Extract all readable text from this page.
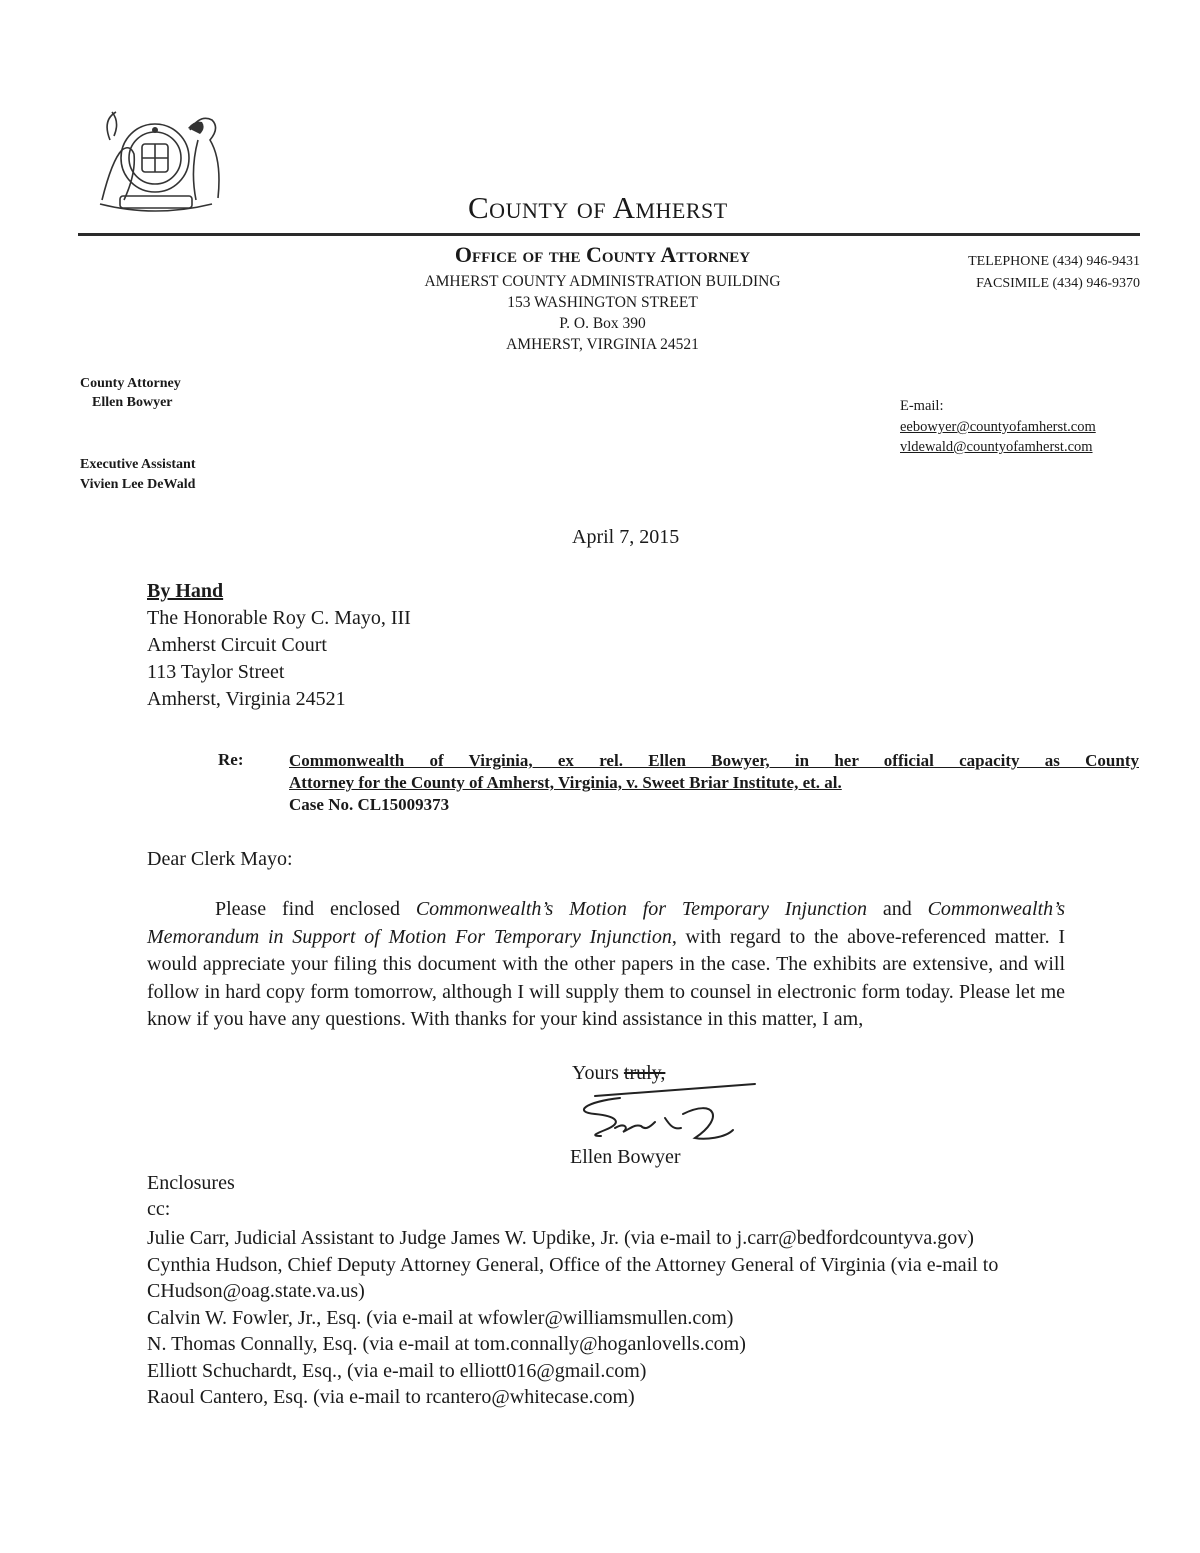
County of Amherst
Office of the County Attorney
AMHERST COUNTY ADMINISTRATION BUILDING
153 WASHINGTON STREET
P. O. Box 390
AMHERST, VIRGINIA 24521
TELEPHONE (434) 946-9431
FACSIMILE (434) 946-9370
County Attorney
Ellen Bowyer
Executive Assistant
Vivien Lee DeWald
E-mail:
eebowyer@countyofamherst.com
vldewald@countyofamherst.com
April 7, 2015
By Hand
The Honorable Roy C. Mayo, III
Amherst Circuit Court
113 Taylor Street
Amherst, Virginia 24521
Re:	Commonwealth of Virginia, ex rel. Ellen Bowyer, in her official capacity as County
Attorney for the County of Amherst, Virginia, v. Sweet Briar Institute, et. al.
Case No. CL15009373
Dear Clerk Mayo:
Please find enclosed Commonwealth’s Motion for Temporary Injunction and Commonwealth’s Memorandum in Support of Motion For Temporary Injunction, with regard to the above-referenced matter. I would appreciate your filing this document with the other papers in the case. The exhibits are extensive, and will follow in hard copy form tomorrow, although I will supply them to counsel in electronic form today. Please let me know if you have any questions. With thanks for your kind assistance in this matter, I am,
Yours truly,
Ellen Bowyer
Enclosures
cc:
Julie Carr, Judicial Assistant to Judge James W. Updike, Jr. (via e-mail to j.carr@bedfordcountyva.gov)
Cynthia Hudson, Chief Deputy Attorney General, Office of the Attorney General of Virginia (via e-mail to CHudson@oag.state.va.us)
Calvin W. Fowler, Jr., Esq. (via e-mail at wfowler@williamsmullen.com)
N. Thomas Connally, Esq. (via e-mail at tom.connally@hoganlovells.com)
Elliott Schuchardt, Esq., (via e-mail to elliott016@gmail.com)
Raoul Cantero, Esq. (via e-mail to rcantero@whitecase.com)
